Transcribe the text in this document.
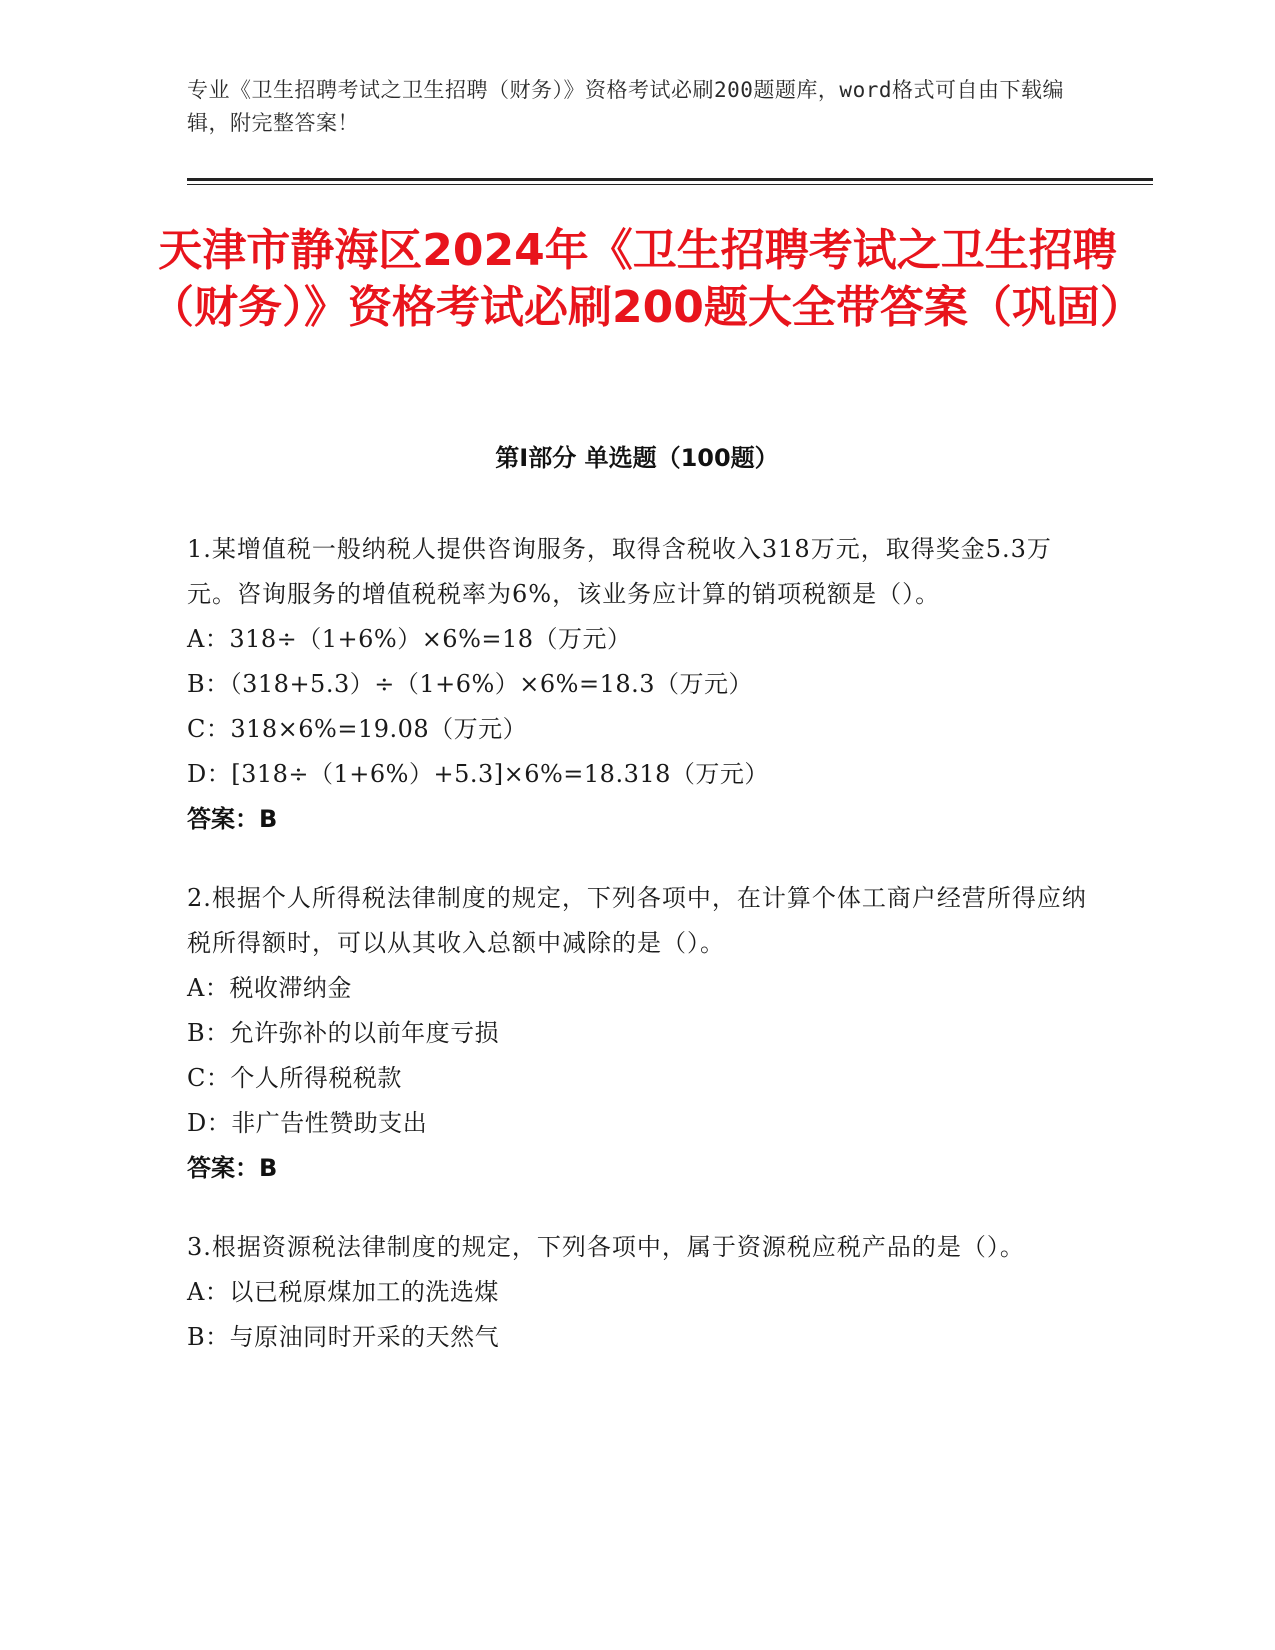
专业《卫生招聘考试之卫生招聘（财务）》资格考试必刷200题题库，word格式可自由下载编辑，附完整答案！
天津市静海区2024年《卫生招聘考试之卫生招聘（财务）》资格考试必刷200题大全带答案（巩固）
第I部分 单选题（100题）
1.某增值税一般纳税人提供咨询服务，取得含税收入318万元，取得奖金5.3万元。咨询服务的增值税税率为6%，该业务应计算的销项税额是（）。
A：318÷（1+6%）×6%=18（万元）
B：（318+5.3）÷（1+6%）×6%=18.3（万元）
C：318×6%=19.08（万元）
D：[318÷（1+6%）+5.3]×6%=18.318（万元）
答案：B
2.根据个人所得税法律制度的规定，下列各项中，在计算个体工商户经营所得应纳税所得额时，可以从其收入总额中减除的是（）。
A：税收滞纳金
B：允许弥补的以前年度亏损
C：个人所得税税款
D：非广告性赞助支出
答案：B
3.根据资源税法律制度的规定，下列各项中，属于资源税应税产品的是（）。
A：以已税原煤加工的洗选煤
B：与原油同时开采的天然气
